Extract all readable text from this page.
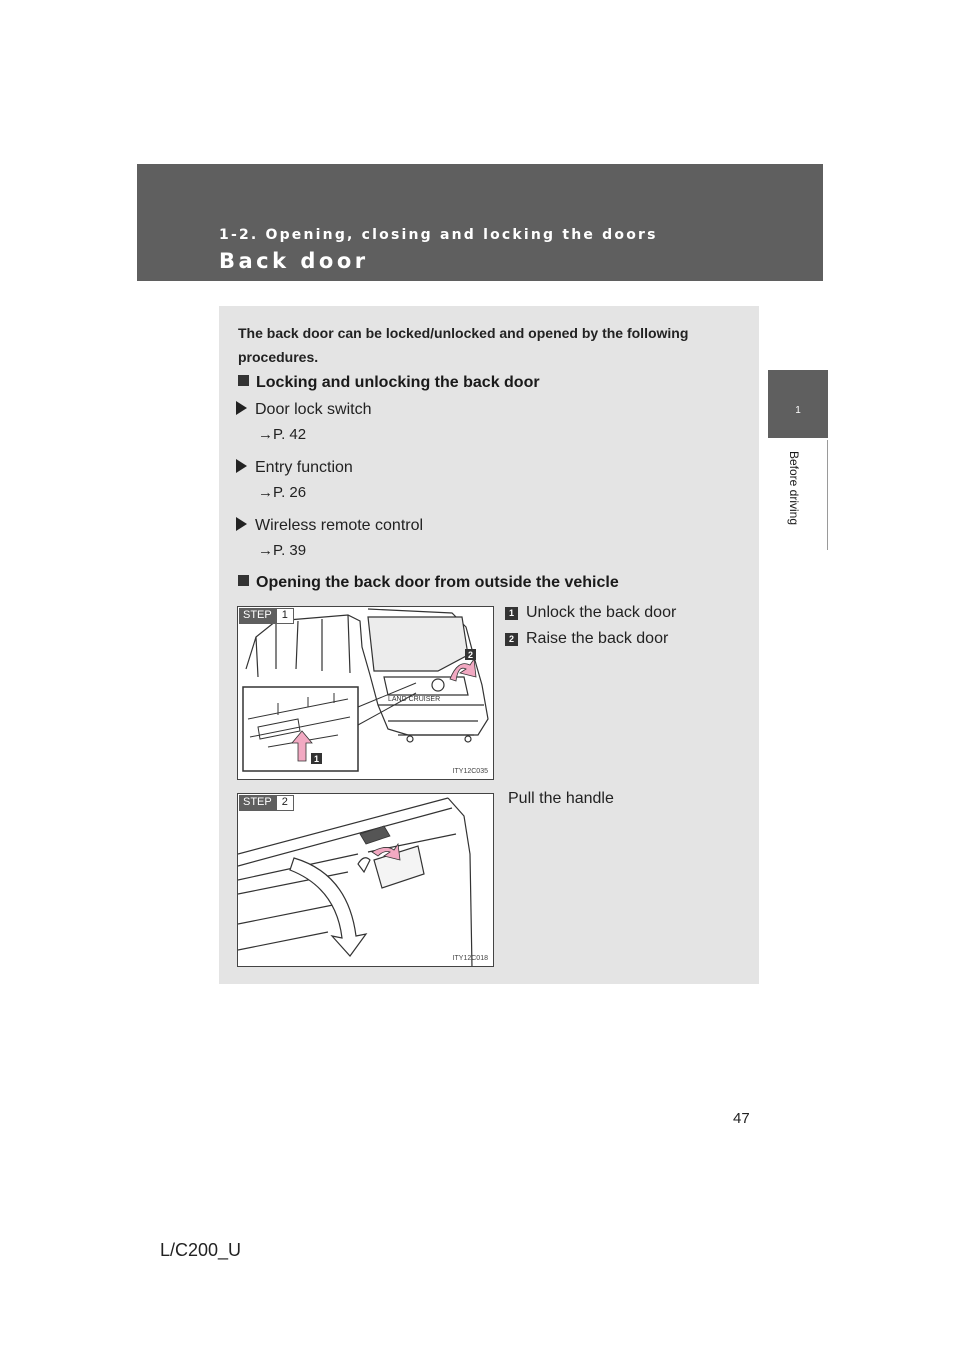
1-2. Opening, closing and locking the doors
Back door
1
Before driving
The back door can be locked/unlocked and opened by the following procedures.
Locking and unlocking the back door
Door lock switch
→P. 42
Entry function
→P. 26
Wireless remote control
→P. 39
Opening the back door from outside the vehicle
LAND CRUISER
1
2
STEP 1
ITY12C035
1 Unlock the back door
2 Raise the back door
STEP 2
ITY12C018
Pull the handle
47
L/C200_U
